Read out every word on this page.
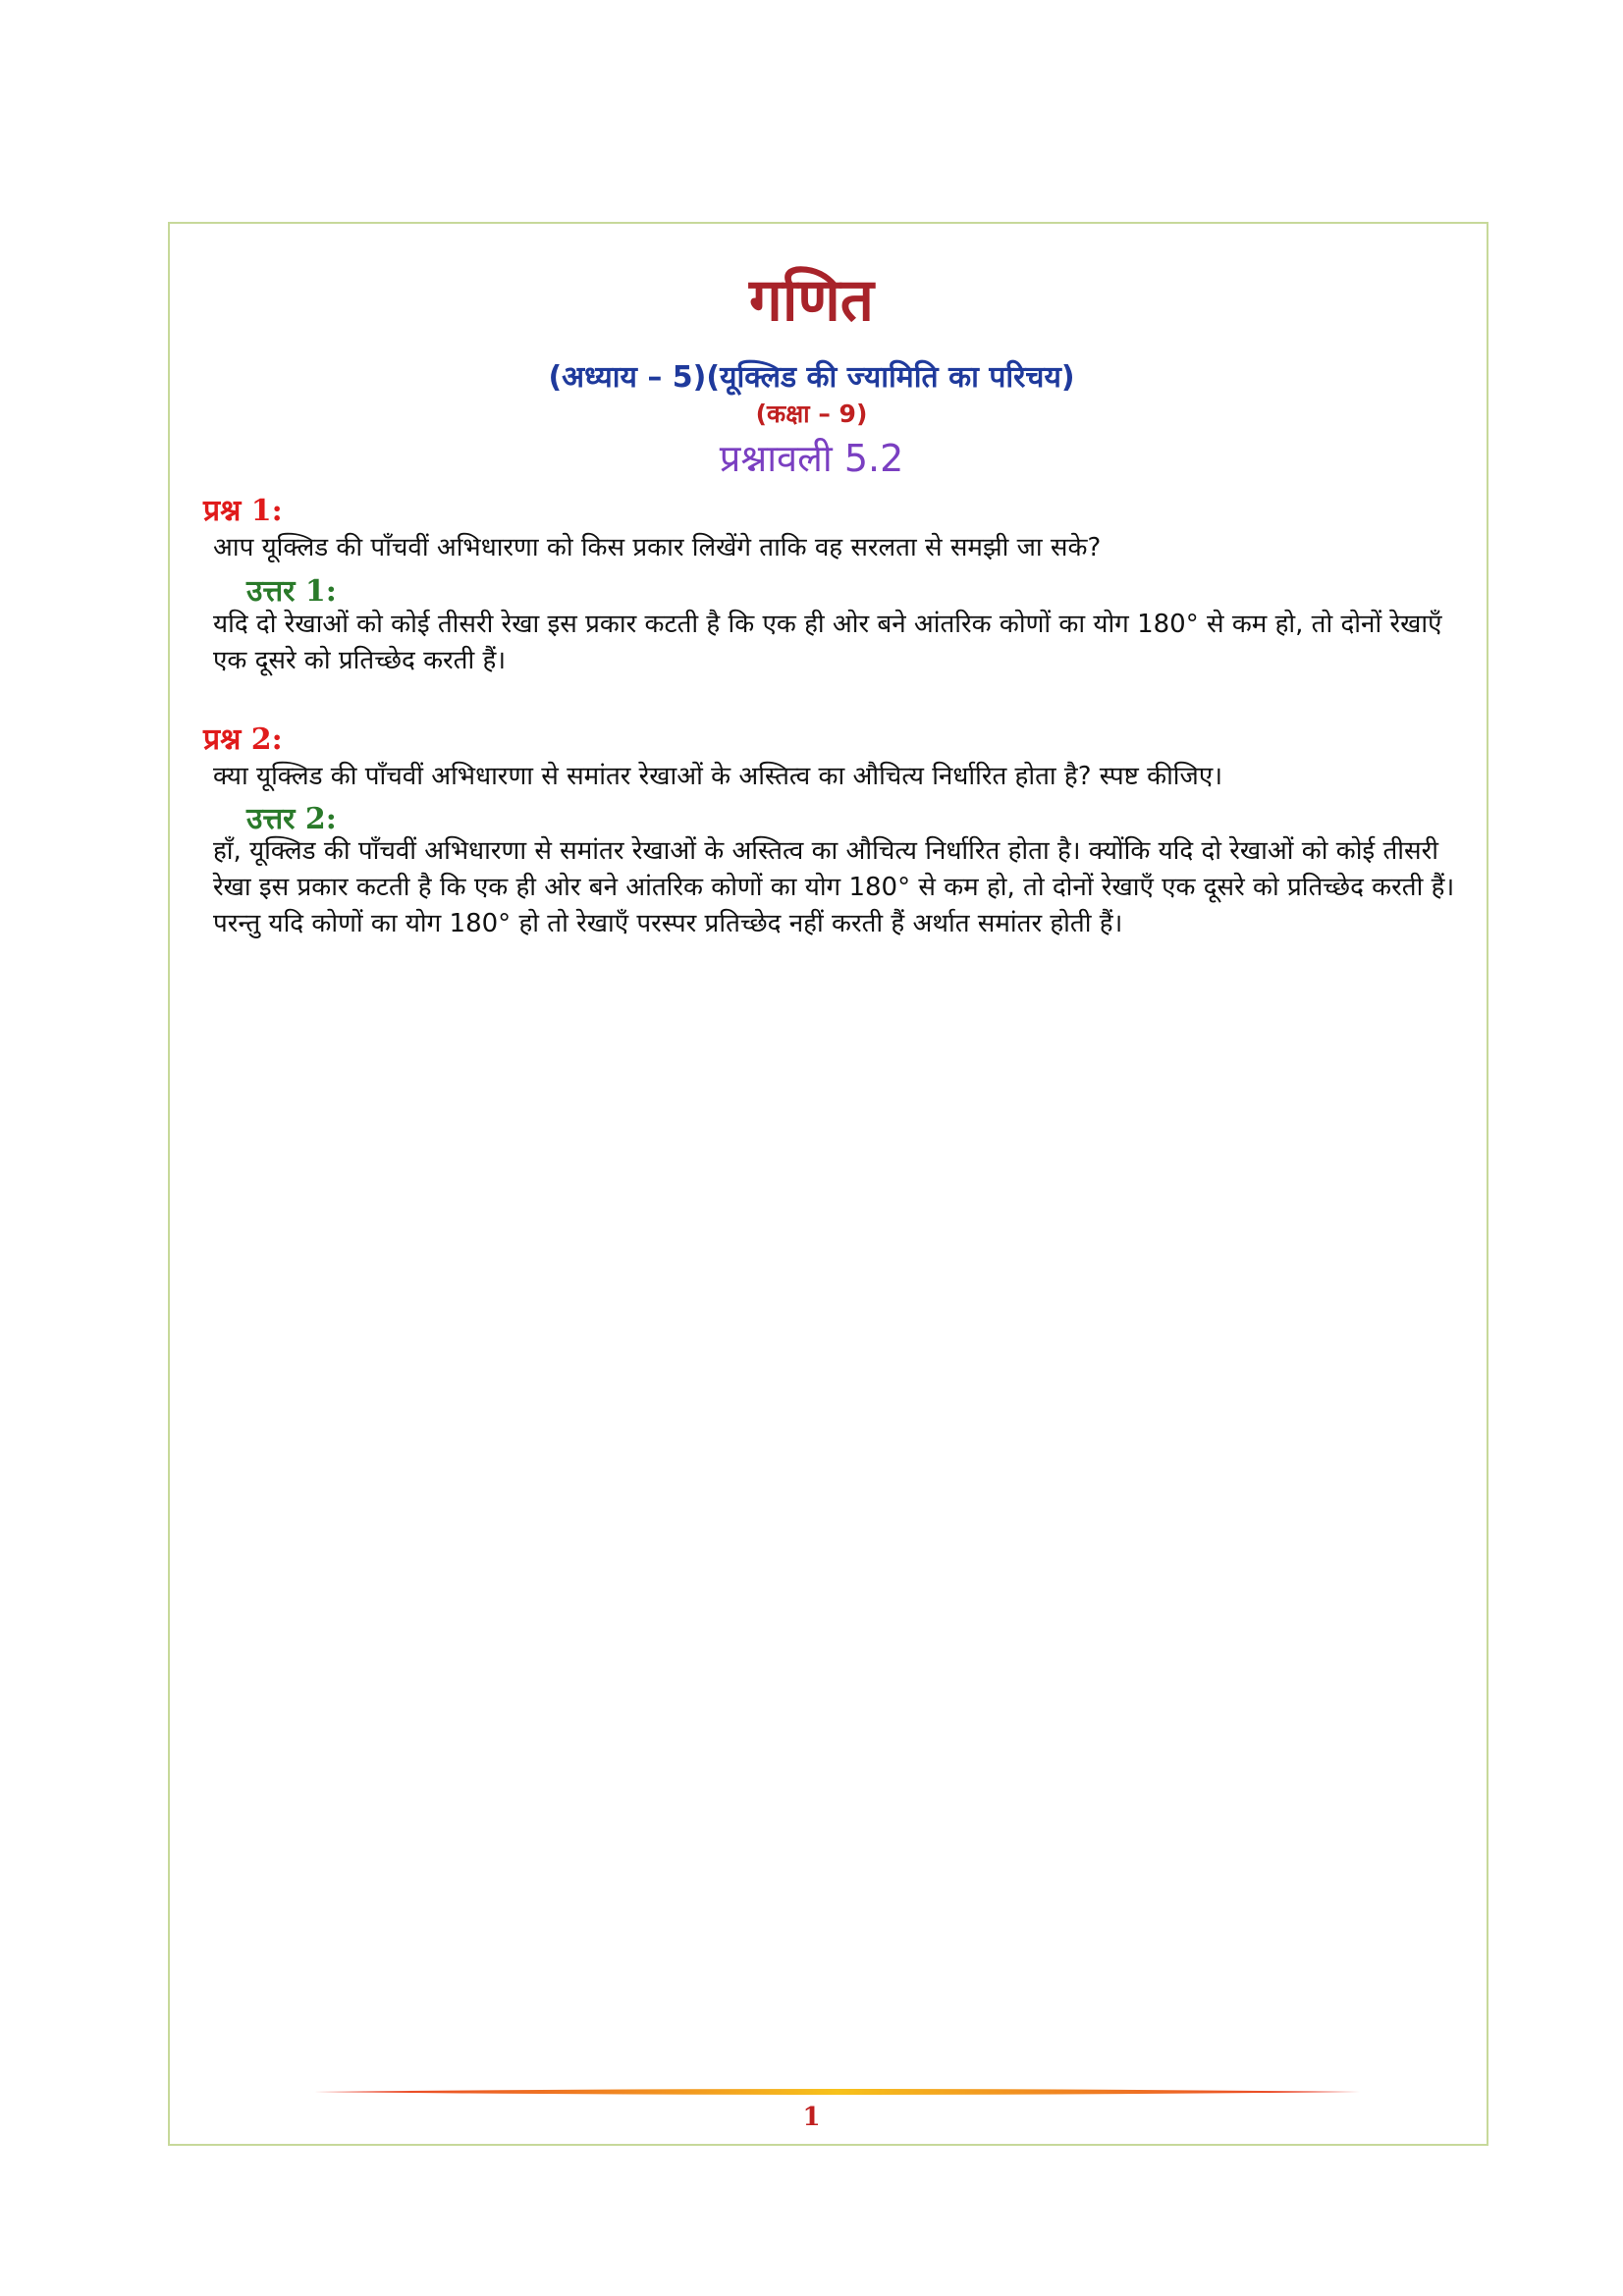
गणित
(अध्याय – 5)(यूक्लिड की ज्यामिति का परिचय)
(कक्षा – 9)
प्रश्नावली 5.2
प्रश्न 1:
आप यूक्लिड की पाँचवीं अभिधारणा को किस प्रकार लिखेंगे ताकि वह सरलता से समझी जा सके?
उत्तर 1:
यदि दो रेखाओं को कोई तीसरी रेखा इस प्रकार कटती है कि एक ही ओर बने आंतरिक कोणों का योग 180° से कम हो, तो दोनों रेखाएँ एक दूसरे को प्रतिच्छेद करती हैं।
प्रश्न 2:
क्या यूक्लिड की पाँचवीं अभिधारणा से समांतर रेखाओं के अस्तित्व का औचित्य निर्धारित होता है? स्पष्ट कीजिए।
उत्तर 2:
हाँ, यूक्लिड की पाँचवीं अभिधारणा से समांतर रेखाओं के अस्तित्व का औचित्य निर्धारित होता है। क्योंकि यदि दो रेखाओं को कोई तीसरी रेखा इस प्रकार कटती है कि एक ही ओर बने आंतरिक कोणों का योग 180° से कम हो, तो दोनों रेखाएँ एक दूसरे को प्रतिच्छेद करती हैं। परन्तु यदि कोणों का योग 180° हो तो रेखाएँ परस्पर प्रतिच्छेद नहीं करती हैं अर्थात समांतर होती हैं।
1
